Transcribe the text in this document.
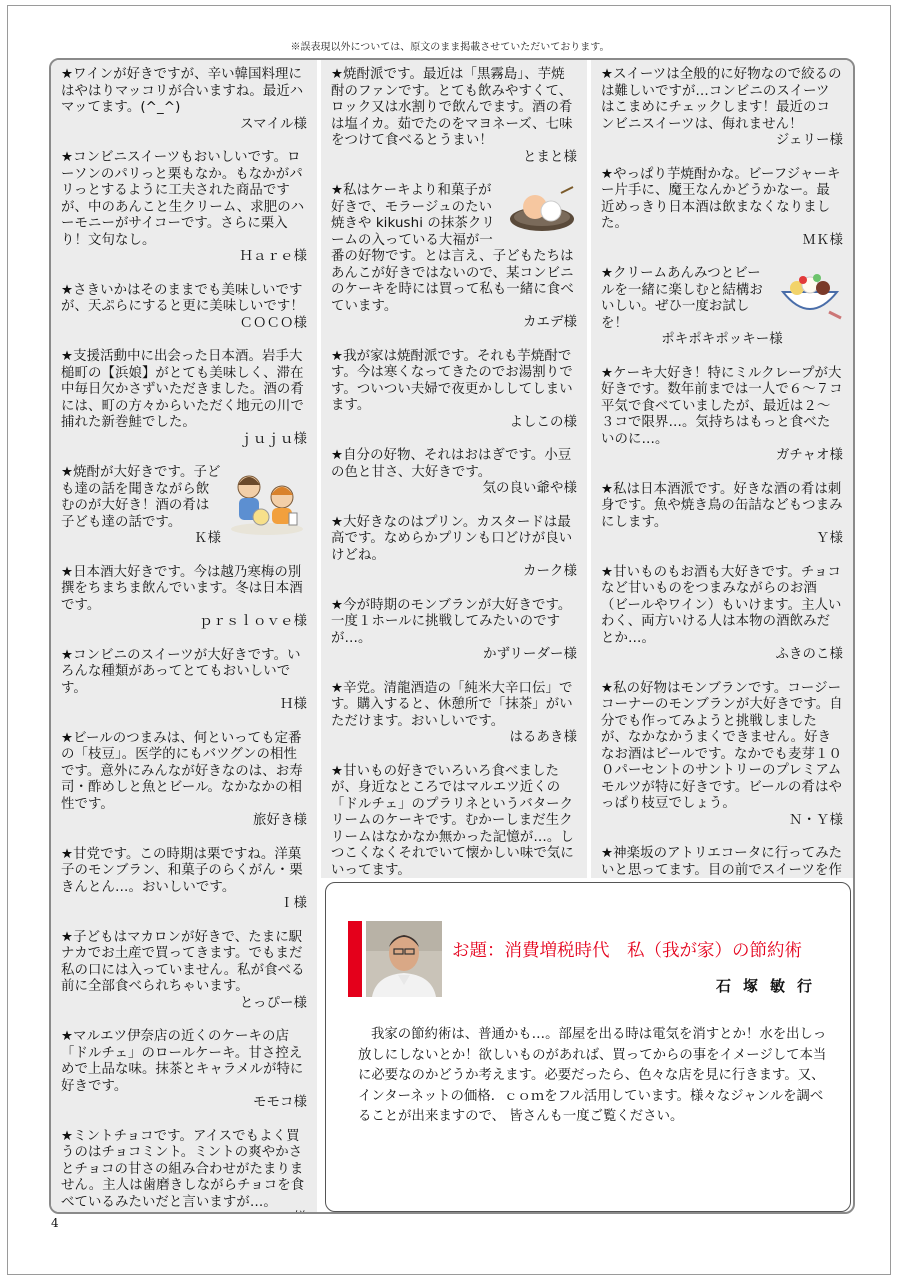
※誤表現以外については、原文のまま掲載させていただいております。
★ワインが好きですが、辛い韓国料理にはやはりマッコリが合いますね。最近ハマッてます。(^_^)
スマイル様
★コンビニスイーツもおいしいです。ローソンのパリっと栗もなか。もなかがパリっとするように工夫された商品ですが、中のあんこと生クリーム、求肥のハーモニーがサイコーです。さらに栗入り！文句なし。
Ｈａｒｅ様
★さきいかはそのままでも美味しいですが、天ぷらにすると更に美味しいです！
ＣＯＣＯ様
★支援活動中に出会った日本酒。岩手大槌町の【浜娘】がとても美味しく、滞在中毎日欠かさずいただきました。酒の肴には、町の方々からいただく地元の川で捕れた新巻鮭でした。
ｊｕｊｕ様
★焼酎が大好きです。子ども達の話を聞きながら飲むのが大好き！酒の肴は子ども達の話です。
Ｋ様
★日本酒大好きです。今は越乃寒梅の別撰をちまちま飲んでいます。冬は日本酒です。
ｐｒｓｌｏｖｅ様
★コンビニのスイーツが大好きです。いろんな種類があってとてもおいしいです。
Ｈ様
★ビールのつまみは、何といっても定番の「枝豆」。医学的にもバツグンの相性です。意外にみんなが好きなのは、お寿司・酢めしと魚とビール。なかなかの相性です。
旅好き様
★甘党です。この時期は栗ですね。洋菓子のモンブラン、和菓子のらくがん・栗きんとん…。おいしいです。
Ｉ様
★子どもはマカロンが好きで、たまに駅ナカでお土産で買ってきます。でもまだ私の口には入っていません。私が食べる前に全部食べられちゃいます。
とっぴー様
★マルエツ伊奈店の近くのケーキの店「ドルチェ」のロールケーキ。甘さ控えめで上品な味。抹茶とキャラメルが特に好きです。
モモコ様
★ミントチョコです。アイスでもよく買うのはチョコミント。ミントの爽やかさとチョコの甘さの組み合わせがたまりません。主人は歯磨きしながらチョコを食べているみたいだと言いますが…。
★焼酎派です。最近は「黒霧島」、芋焼酎のファンです。とても飲みやすくて、ロック又は水割りで飲んでます。酒の肴は塩イカ。茹でたのをマヨネーズ、七味をつけて食べるとうまい！
とまと様
★私はケーキより和菓子が好きで、モラージュのたい焼きや kikushi の抹茶クリームの入っている大福が一番の好物です。とは言え、子どもたちはあんこが好きではないので、某コンビニのケーキを時には買って私も一緒に食べています。
カエデ様
★我が家は焼酎派です。それも芋焼酎です。今は寒くなってきたのでお湯割りです。ついつい夫婦で夜更かししてしまいます。
よしこの様
★自分の好物、それはおはぎです。小豆の色と甘さ、大好きです。
気の良い爺や様
★大好きなのはプリン。カスタードは最高です。なめらかプリンも口どけが良いけどね。
カーク様
★今が時期のモンブランが大好きです。一度１ホールに挑戦してみたいのですが…。
かずリーダー様
★辛党。清龍酒造の「純米大辛口伝」です。購入すると、休憩所で「抹茶」がいただけます。おいしいです。
はるあき様
★甘いもの好きでいろいろ食べましたが、身近なところではマルエツ近くの「ドルチェ」のプラリネというバタークリームのケーキです。むかーしまだ生クリームはなかなか無かった記憶が…。しつこくなくそれでいて懐かしい味で気にいってます。
★スイーツは全般的に好物なので絞るのは難しいですが…コンビニのスイーツはこまめにチェックします！最近のコンビニスイーツは、侮れません！
ジェリー様
★やっぱり芋焼酎かな。ビーフジャーキー片手に、魔王なんかどうかなー。最近めっきり日本酒は飲まなくなりました。
ＭＫ様
★クリームあんみつとビールを一緒に楽しむと結構おいしい。ぜひ一度お試しを！
ポキポキポッキー様
★ケーキ大好き！特にミルクレープが大好きです。数年前までは一人で６～７コ平気で食べていましたが、最近は２～３コで限界…。気持ちはもっと食べたいのに…。
ガチャオ様
★私は日本酒派です。好きな酒の肴は刺身です。魚や焼き鳥の缶詰などもつまみにします。
Ｙ様
★甘いものもお酒も大好きです。チョコなど甘いものをつまみながらのお酒（ビールやワイン）もいけます。主人いわく、両方いける人は本物の酒飲みだとか…。
ふきのこ様
★私の好物はモンブランです。コージーコーナーのモンブランが大好きです。自分でも作ってみようと挑戦しましたが、なかなかうまくできません。好きなお酒はビールです。なかでも麦芽１００パーセントのサントリーのプレミアムモルツが特に好きです。ビールの肴はやっぱり枝豆でしょう。
Ｎ・Ｙ様
★神楽坂のアトリエコータに行ってみたいと思ってます。目の前でスイーツを作
お題：消費増税時代　私（我が家）の節約術
石塚敏行
我家の節約術は、普通かも…。部屋を出る時は電気を消すとか！水を出しっ放しにしないとか！欲しいものがあれば、買ってからの事をイメージして本当に必要なのかどうか考えます。必要だったら、色々な店を見に行きます。又、インターネットの価格．ｃｏｍをフル活用しています。様々なジャンルを調べることが出来ますので、 皆さんも一度ご覧ください。
4
